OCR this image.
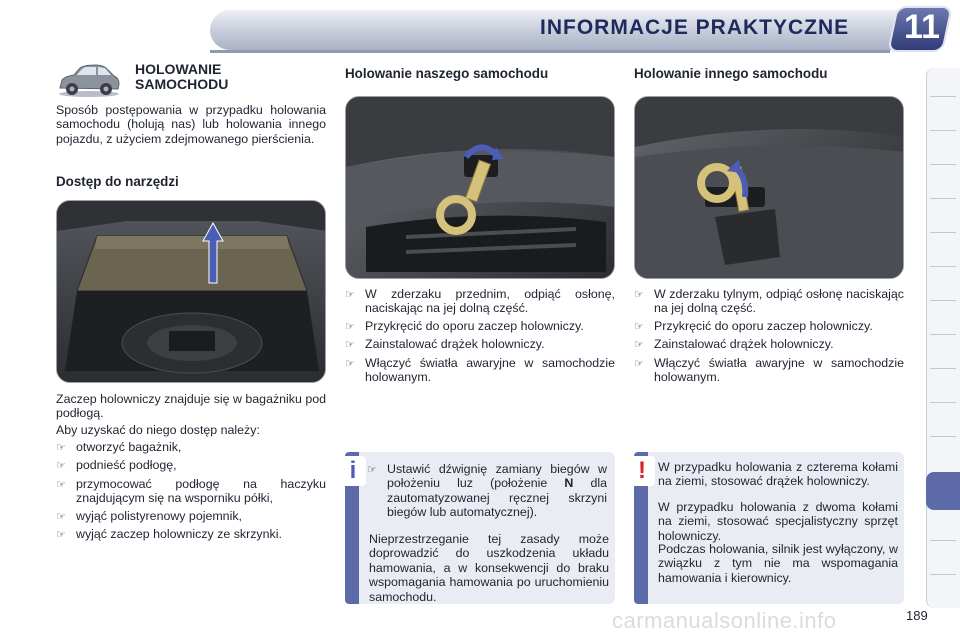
INFORMACJE PRAKTYCZNE 11
HOLOWANIE SAMOCHODU
Sposób postępowania w przypadku holowania samochodu (holują nas) lub holowania innego pojazdu, z użyciem zdejmowanego pierścienia.
Dostęp do narzędzi
Zaczep holowniczy znajduje się w bagażniku pod podłogą.
Aby uzyskać do niego dostęp należy:
☞ otworzyć bagażnik,
☞ podnieść podłogę,
☞ przymocować podłogę na haczyku znajdującym się na wsporniku półki,
☞ wyjąć polistyrenowy pojemnik,
☞ wyjąć zaczep holowniczy ze skrzynki.
Holowanie naszego samochodu
☞ W zderzaku przednim, odpiąć osłonę, naciskając na jej dolną część.
☞ Przykręcić do oporu zaczep holowniczy.
☞ Zainstalować drążek holowniczy.
☞ Włączyć światła awaryjne w samochodzie holowanym.
☞ Ustawić dźwignię zamiany biegów w położeniu luz (położenie N dla zautomatyzowanej ręcznej skrzyni biegów lub automatycznej).
Nieprzestrzeganie tej zasady może doprowadzić do uszkodzenia układu hamowania, a w konsekwencji do braku wspomagania hamowania po uruchomieniu samochodu.
i
Holowanie innego samochodu
☞ W zderzaku tylnym, odpiąć osłonę naciskając na jej dolną część.
☞ Przykręcić do oporu zaczep holowniczy.
☞ Zainstalować drążek holowniczy.
☞ Włączyć światła awaryjne w samochodzie holowanym.
W przypadku holowania z czterema kołami na ziemi, stosować drążek holowniczy.
W przypadku holowania z dwoma kołami na ziemi, stosować specjalistyczny sprzęt holowniczy.
Podczas holowania, silnik jest wyłączony, w związku z tym nie ma wspomagania hamowania i kierownicy.
!
carmanualsonline.info	189
